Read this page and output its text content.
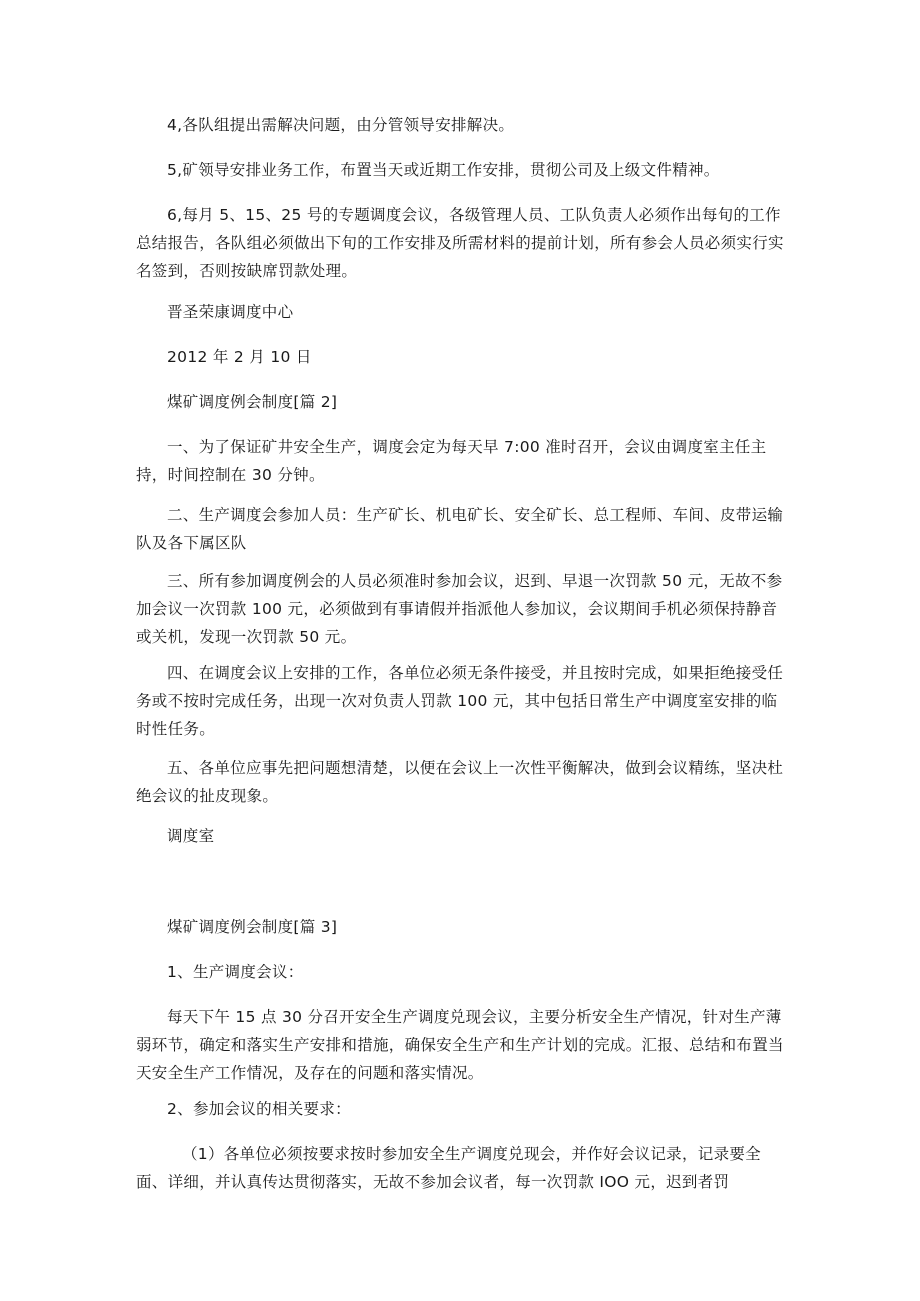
4,各队组提出需解决问题，由分管领导安排解决。

5,矿领导安排业务工作，布置当天或近期工作安排，贯彻公司及上级文件精神。

6,每月 5、15、25 号的专题调度会议，各级管理人员、工队负责人必须作出每旬的工作总结报告，各队组必须做出下旬的工作安排及所需材料的提前计划，所有参会人员必须实行实名签到，否则按缺席罚款处理。

晋圣荣康调度中心

2012 年 2 月 10 日

煤矿调度例会制度[篇 2]

一、为了保证矿井安全生产，调度会定为每天早 7:00 准时召开，会议由调度室主任主持，时间控制在 30 分钟。

二、生产调度会参加人员：生产矿长、机电矿长、安全矿长、总工程师、车间、皮带运输队及各下属区队

三、所有参加调度例会的人员必须准时参加会议，迟到、早退一次罚款 50 元，无故不参加会议一次罚款 100 元，必须做到有事请假并指派他人参加议，会议期间手机必须保持静音或关机，发现一次罚款 50 元。

四、在调度会议上安排的工作，各单位必须无条件接受，并且按时完成，如果拒绝接受任务或不按时完成任务，出现一次对负责人罚款 100 元，其中包括日常生产中调度室安排的临时性任务。

五、各单位应事先把问题想清楚，以便在会议上一次性平衡解决，做到会议精练，坚决杜绝会议的扯皮现象。

调度室

煤矿调度例会制度[篇 3]

1、生产调度会议：

每天下午 15 点 30 分召开安全生产调度兑现会议，主要分析安全生产情况，针对生产薄弱环节，确定和落实生产安排和措施，确保安全生产和生产计划的完成。汇报、总结和布置当天安全生产工作情况，及存在的问题和落实情况。

2、参加会议的相关要求：

（1）各单位必须按要求按时参加安全生产调度兑现会，并作好会议记录，记录要全面、详细，并认真传达贯彻落实，无故不参加会议者，每一次罚款 IOO 元，迟到者罚
